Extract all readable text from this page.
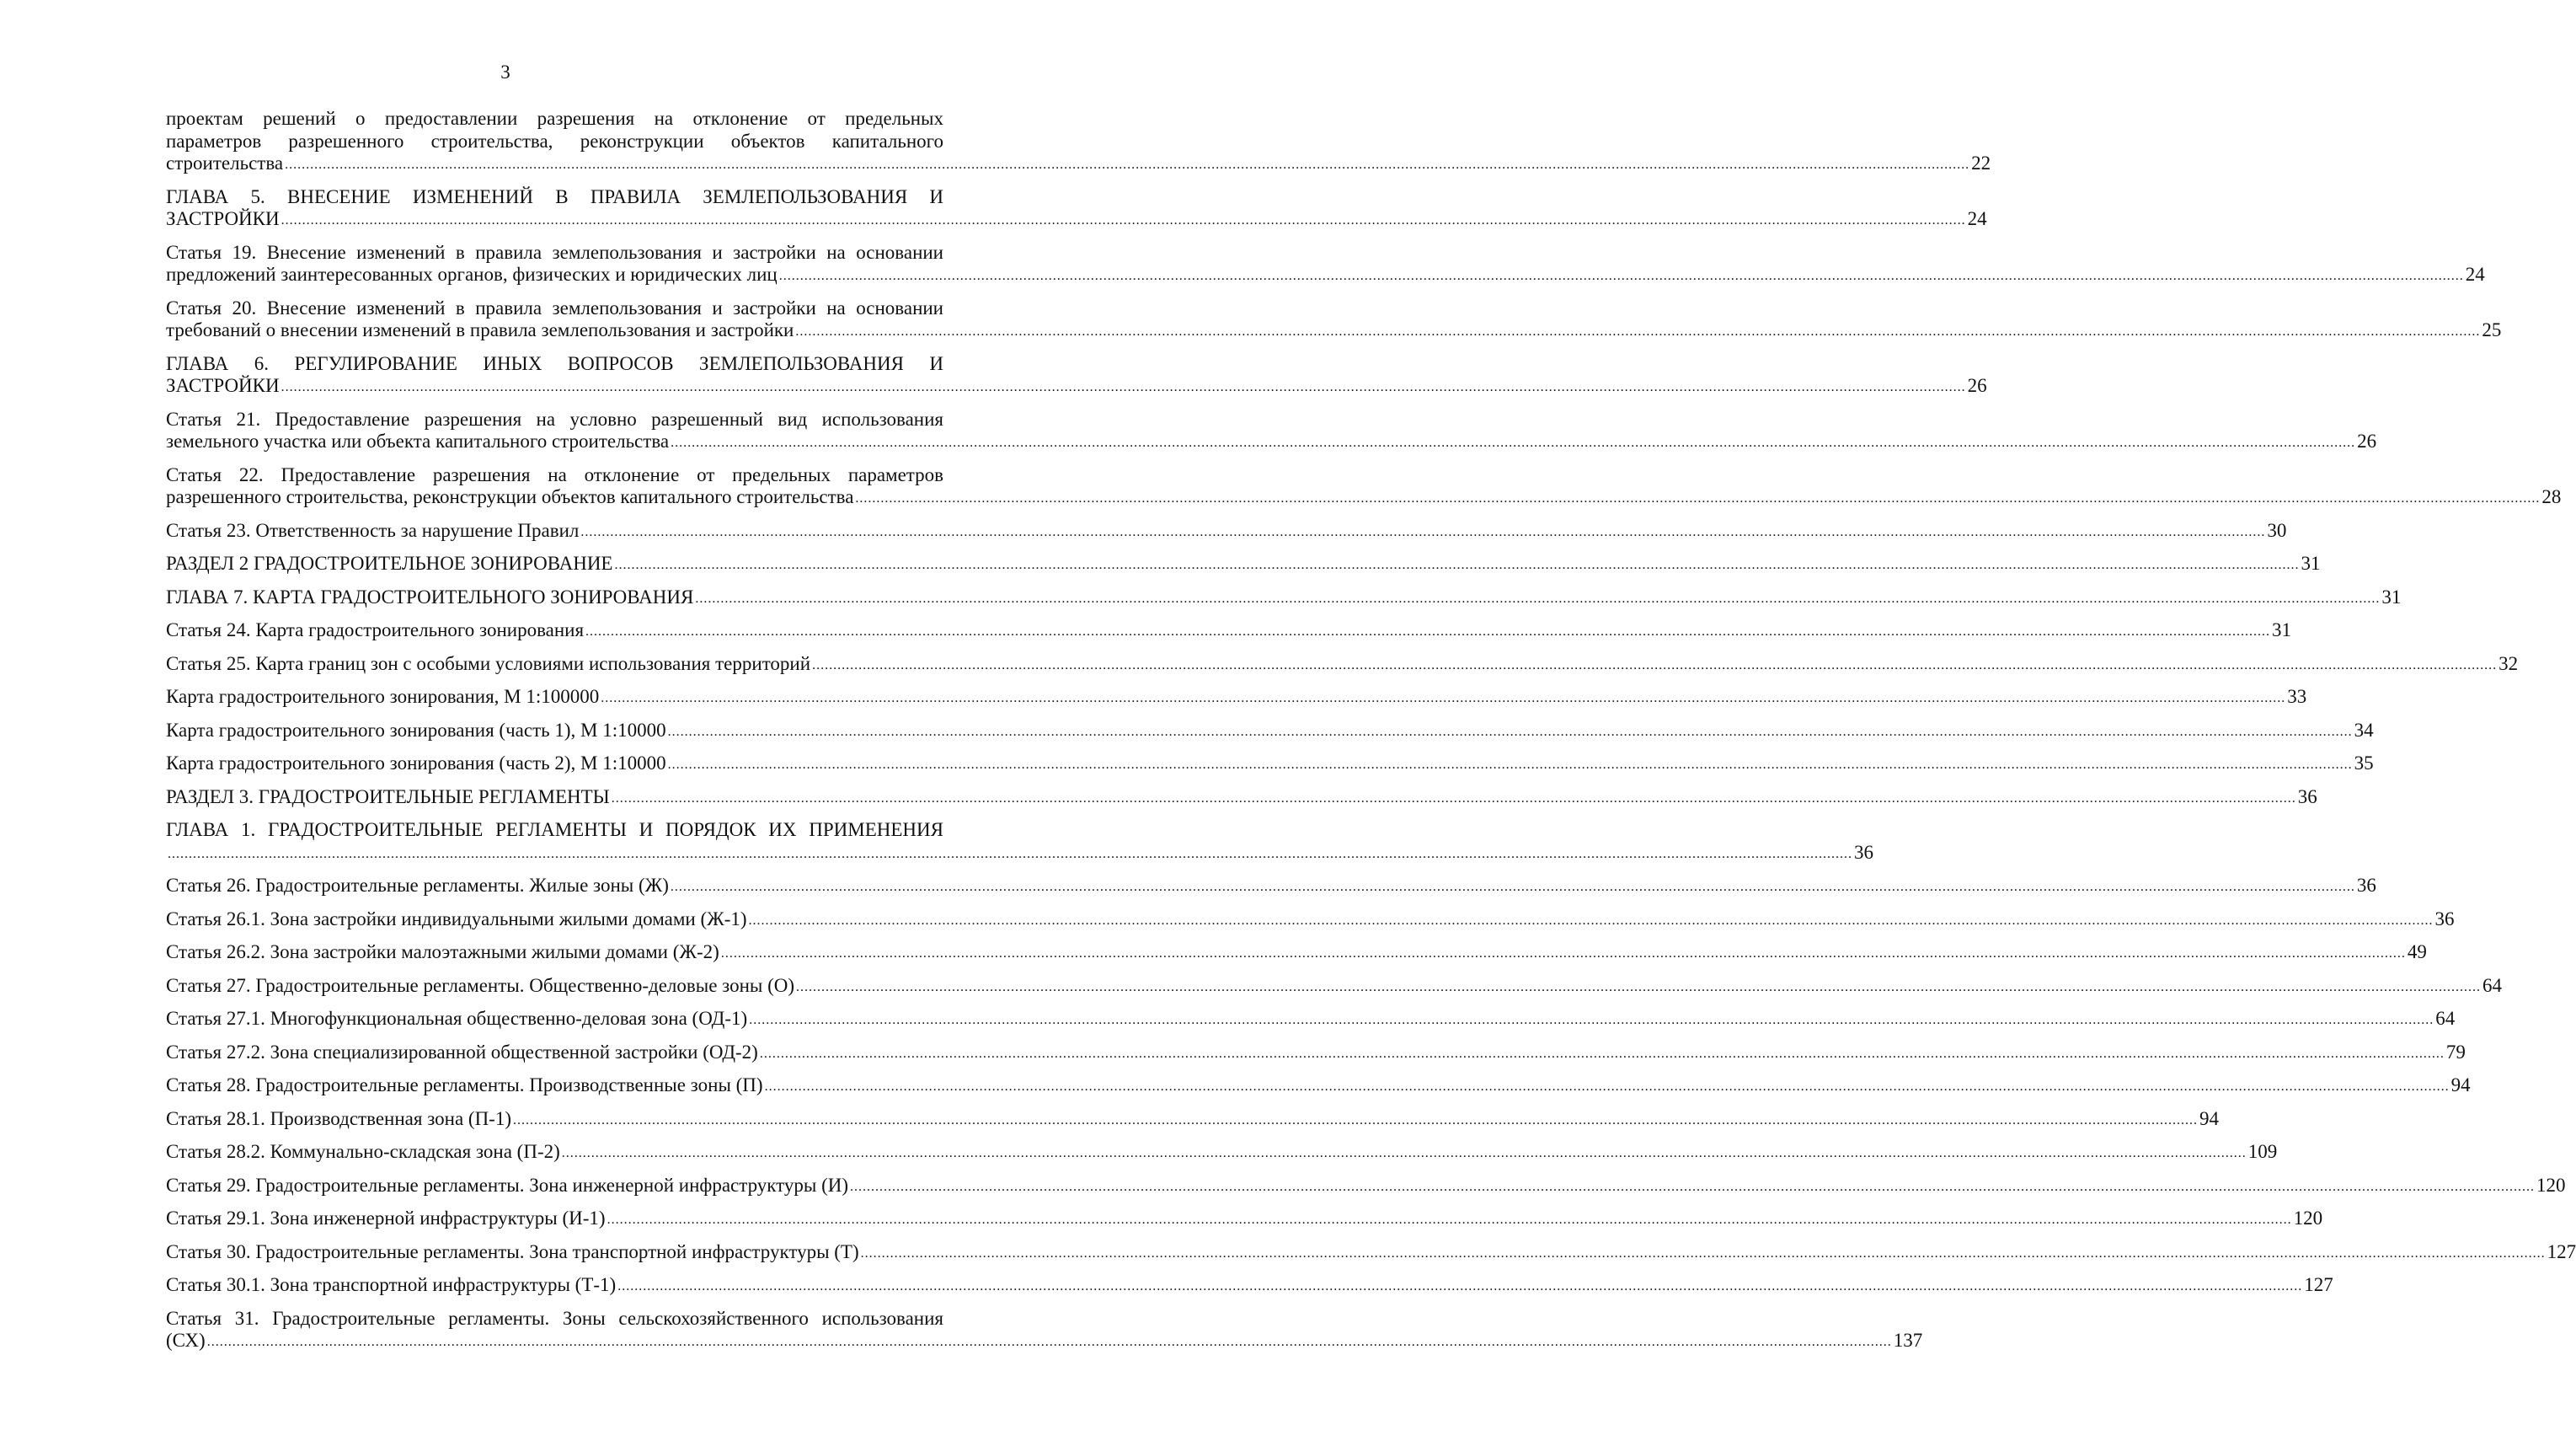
3
проектам решений о предоставлении разрешения на отклонение от предельных
параметров разрешенного строительства, реконструкции объектов капитального
строительства ................................................................................................................................................................................................................................................................................................................................................................................................................ 22
ГЛАВА 5. ВНЕСЕНИЕ ИЗМЕНЕНИЙ В ПРАВИЛА ЗЕМЛЕПОЛЬЗОВАНИЯ И
ЗАСТРОЙКИ ................................................................................................................................................................................................................................................................................................................................................................................................................ 24
Статья 19. Внесение изменений в правила землепользования и застройки на основании
предложений заинтересованных органов, физических и юридических лиц ................................................................................................................................................................................................................................................................................................................................................................................................................ 24
Статья 20. Внесение изменений в правила землепользования и застройки на основании
требований о внесении изменений в правила землепользования и застройки ................................................................................................................................................................................................................................................................................................................................................................................................................ 25
ГЛАВА 6. РЕГУЛИРОВАНИЕ ИНЫХ ВОПРОСОВ ЗЕМЛЕПОЛЬЗОВАНИЯ И
ЗАСТРОЙКИ ................................................................................................................................................................................................................................................................................................................................................................................................................ 26
Статья 21. Предоставление разрешения на условно разрешенный вид использования
земельного участка или объекта капитального строительства ................................................................................................................................................................................................................................................................................................................................................................................................................ 26
Статья 22. Предоставление разрешения на отклонение от предельных параметров
разрешенного строительства, реконструкции объектов капитального строительства ................................................................................................................................................................................................................................................................................................................................................................................................................ 28
Статья 23. Ответственность за нарушение Правил ................................................................................................................................................................................................................................................................................................................................................................................................................ 30
РАЗДЕЛ 2 ГРАДОСТРОИТЕЛЬНОЕ ЗОНИРОВАНИЕ ................................................................................................................................................................................................................................................................................................................................................................................................................ 31
ГЛАВА 7. КАРТА ГРАДОСТРОИТЕЛЬНОГО ЗОНИРОВАНИЯ ................................................................................................................................................................................................................................................................................................................................................................................................................ 31
Статья 24. Карта градостроительного зонирования ................................................................................................................................................................................................................................................................................................................................................................................................................ 31
Статья 25. Карта границ зон с особыми условиями использования территорий ................................................................................................................................................................................................................................................................................................................................................................................................................ 32
Карта градостроительного зонирования, М 1:100000 ................................................................................................................................................................................................................................................................................................................................................................................................................ 33
Карта градостроительного зонирования (часть 1), М 1:10000 ................................................................................................................................................................................................................................................................................................................................................................................................................ 34
Карта градостроительного зонирования (часть 2), М 1:10000 ................................................................................................................................................................................................................................................................................................................................................................................................................ 35
РАЗДЕЛ 3. ГРАДОСТРОИТЕЛЬНЫЕ РЕГЛАМЕНТЫ ................................................................................................................................................................................................................................................................................................................................................................................................................ 36
ГЛАВА 1. ГРАДОСТРОИТЕЛЬНЫЕ РЕГЛАМЕНТЫ И ПОРЯДОК ИХ ПРИМЕНЕНИЯ
................................................................................................................................................................................................................................................................................................................................................................................................................ 36
Статья 26. Градостроительные регламенты. Жилые зоны (Ж) ................................................................................................................................................................................................................................................................................................................................................................................................................ 36
Статья 26.1. Зона застройки индивидуальными жилыми домами (Ж-1) ................................................................................................................................................................................................................................................................................................................................................................................................................ 36
Статья 26.2. Зона застройки малоэтажными жилыми домами (Ж-2) ................................................................................................................................................................................................................................................................................................................................................................................................................ 49
Статья 27. Градостроительные регламенты. Общественно-деловые зоны (О) ................................................................................................................................................................................................................................................................................................................................................................................................................ 64
Статья 27.1. Многофункциональная общественно-деловая зона (ОД-1) ................................................................................................................................................................................................................................................................................................................................................................................................................ 64
Статья 27.2. Зона специализированной общественной застройки (ОД-2) ................................................................................................................................................................................................................................................................................................................................................................................................................ 79
Статья 28. Градостроительные регламенты. Производственные зоны (П) ................................................................................................................................................................................................................................................................................................................................................................................................................ 94
Статья 28.1. Производственная зона (П-1) ................................................................................................................................................................................................................................................................................................................................................................................................................ 94
Статья 28.2. Коммунально-складская зона (П-2) ................................................................................................................................................................................................................................................................................................................................................................................................................ 109
Статья 29. Градостроительные регламенты. Зона инженерной инфраструктуры (И) ................................................................................................................................................................................................................................................................................................................................................................................................................ 120
Статья 29.1. Зона инженерной инфраструктуры (И-1) ................................................................................................................................................................................................................................................................................................................................................................................................................ 120
Статья 30. Градостроительные регламенты. Зона транспортной инфраструктуры (Т) ................................................................................................................................................................................................................................................................................................................................................................................................................ 127
Статья 30.1. Зона транспортной инфраструктуры (Т-1) ................................................................................................................................................................................................................................................................................................................................................................................................................ 127
Статья 31. Градостроительные регламенты. Зоны сельскохозяйственного использования
(СХ) ................................................................................................................................................................................................................................................................................................................................................................................................................ 137
